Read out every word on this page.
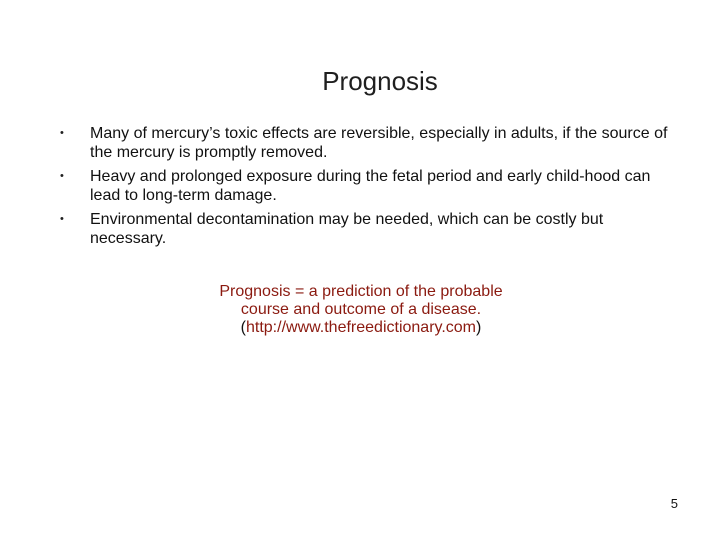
Prognosis
• Many of mercury’s toxic effects are reversible, especially in adults, if the source of the mercury is promptly removed.
• Heavy and prolonged exposure during the fetal period and early child-hood can lead to long-term damage.
• Environmental decontamination may be needed, which can be costly but necessary.
Prognosis = a prediction of the probable
course and outcome of a disease.
(http://www.thefreedictionary.com)
5
